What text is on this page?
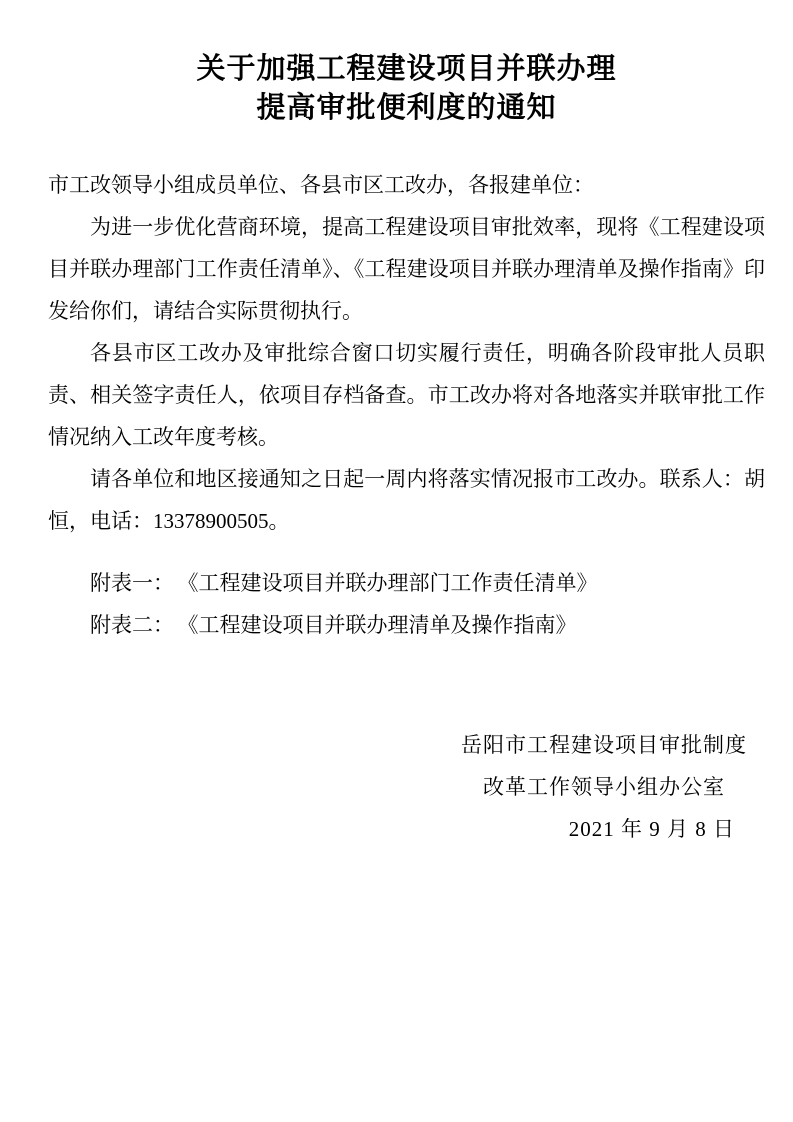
关于加强工程建设项目并联办理
提高审批便利度的通知

市工改领导小组成员单位、各县市区工改办，各报建单位：

为进一步优化营商环境，提高工程建设项目审批效率，现将《工程建设项目并联办理部门工作责任清单》、《工程建设项目并联办理清单及操作指南》印发给你们，请结合实际贯彻执行。

各县市区工改办及审批综合窗口切实履行责任，明确各阶段审批人员职责、相关签字责任人，依项目存档备查。市工改办将对各地落实并联审批工作情况纳入工改年度考核。

请各单位和地区接通知之日起一周内将落实情况报市工改办。联系人：胡恒，电话：13378900505。

附表一： 《工程建设项目并联办理部门工作责任清单》

附表二： 《工程建设项目并联办理清单及操作指南》

岳阳市工程建设项目审批制度
改革工作领导小组办公室
2021 年 9 月 8 日
